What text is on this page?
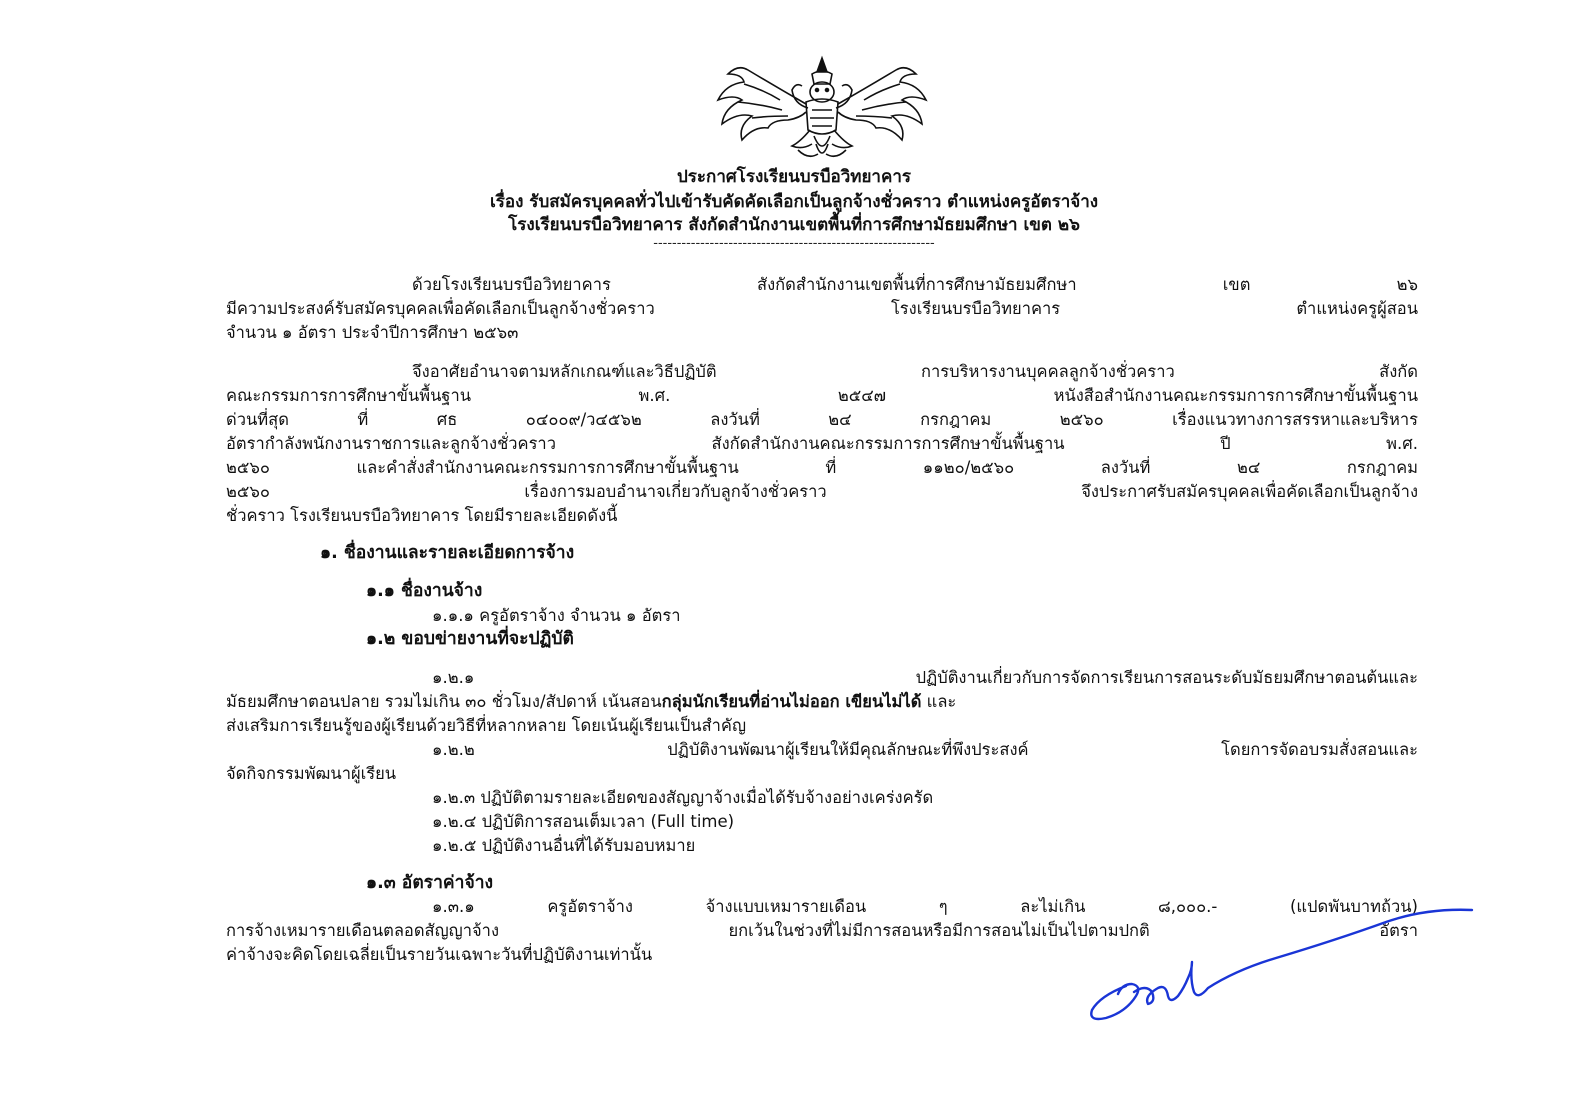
ประกาศโรงเรียนบรบือวิทยาคาร
เรื่อง รับสมัครบุคคลทั่วไปเข้ารับคัดคัดเลือกเป็นลูกจ้างชั่วคราว ตำแหน่งครูอัตราจ้าง
โรงเรียนบรบือวิทยาคาร สังกัดสำนักงานเขตพื้นที่การศึกษามัธยมศึกษา เขต ๒๖
------------------------------------------------------------
ด้วยโรงเรียนบรบือวิทยาคาร สังกัดสำนักงานเขตพื้นที่การศึกษามัธยมศึกษา เขต ๒๖
มีความประสงค์รับสมัครบุคคลเพื่อคัดเลือกเป็นลูกจ้างชั่วคราว โรงเรียนบรบือวิทยาคาร ตำแหน่งครูผู้สอน
จำนวน ๑ อัตรา ประจำปีการศึกษา ๒๕๖๓
จึงอาศัยอำนาจตามหลักเกณฑ์และวิธีปฏิบัติ การบริหารงานบุคคลลูกจ้างชั่วคราว สังกัด
คณะกรรมการการศึกษาขั้นพื้นฐาน พ.ศ. ๒๕๔๗ หนังสือสำนักงานคณะกรรมการการศึกษาขั้นพื้นฐาน
ด่วนที่สุด ที่ ศธ ๐๔๐๐๙/ว๔๕๖๒ ลงวันที่ ๒๔ กรกฎาคม ๒๕๖๐ เรื่องแนวทางการสรรหาและบริหาร
อัตรากำลังพนักงานราชการและลูกจ้างชั่วคราว สังกัดสำนักงานคณะกรรมการการศึกษาขั้นพื้นฐาน ปี พ.ศ.
๒๕๖๐ และคำสั่งสำนักงานคณะกรรมการการศึกษาขั้นพื้นฐาน ที่ ๑๑๒๐/๒๕๖๐ ลงวันที่ ๒๔ กรกฎาคม
๒๕๖๐ เรื่องการมอบอำนาจเกี่ยวกับลูกจ้างชั่วคราว จึงประกาศรับสมัครบุคคลเพื่อคัดเลือกเป็นลูกจ้าง
ชั่วคราว โรงเรียนบรบือวิทยาคาร โดยมีรายละเอียดดังนี้
๑. ชื่องานและรายละเอียดการจ้าง
๑.๑ ชื่องานจ้าง
๑.๑.๑ ครูอัตราจ้าง จำนวน ๑ อัตรา
๑.๒ ขอบข่ายงานที่จะปฏิบัติ
๑.๒.๑ ปฏิบัติงานเกี่ยวกับการจัดการเรียนการสอนระดับมัธยมศึกษาตอนต้นและ
มัธยมศึกษาตอนปลาย รวมไม่เกิน ๓๐ ชั่วโมง/สัปดาห์ เน้นสอนกลุ่มนักเรียนที่อ่านไม่ออก เขียนไม่ได้ และ
ส่งเสริมการเรียนรู้ของผู้เรียนด้วยวิธีที่หลากหลาย โดยเน้นผู้เรียนเป็นสำคัญ
๑.๒.๒ ปฏิบัติงานพัฒนาผู้เรียนให้มีคุณลักษณะที่พึงประสงค์ โดยการจัดอบรมสั่งสอนและ
จัดกิจกรรมพัฒนาผู้เรียน
๑.๒.๓ ปฏิบัติตามรายละเอียดของสัญญาจ้างเมื่อได้รับจ้างอย่างเคร่งครัด
๑.๒.๔ ปฏิบัติการสอนเต็มเวลา (Full time)
๑.๒.๕ ปฏิบัติงานอื่นที่ได้รับมอบหมาย
๑.๓ อัตราค่าจ้าง
๑.๓.๑ ครูอัตราจ้าง จ้างแบบเหมารายเดือน ๆ ละไม่เกิน ๘,๐๐๐.- (แปดพันบาทถ้วน)
การจ้างเหมารายเดือนตลอดสัญญาจ้าง ยกเว้นในช่วงที่ไม่มีการสอนหรือมีการสอนไม่เป็นไปตามปกติ อัตรา
ค่าจ้างจะคิดโดยเฉลี่ยเป็นรายวันเฉพาะวันที่ปฏิบัติงานเท่านั้น
